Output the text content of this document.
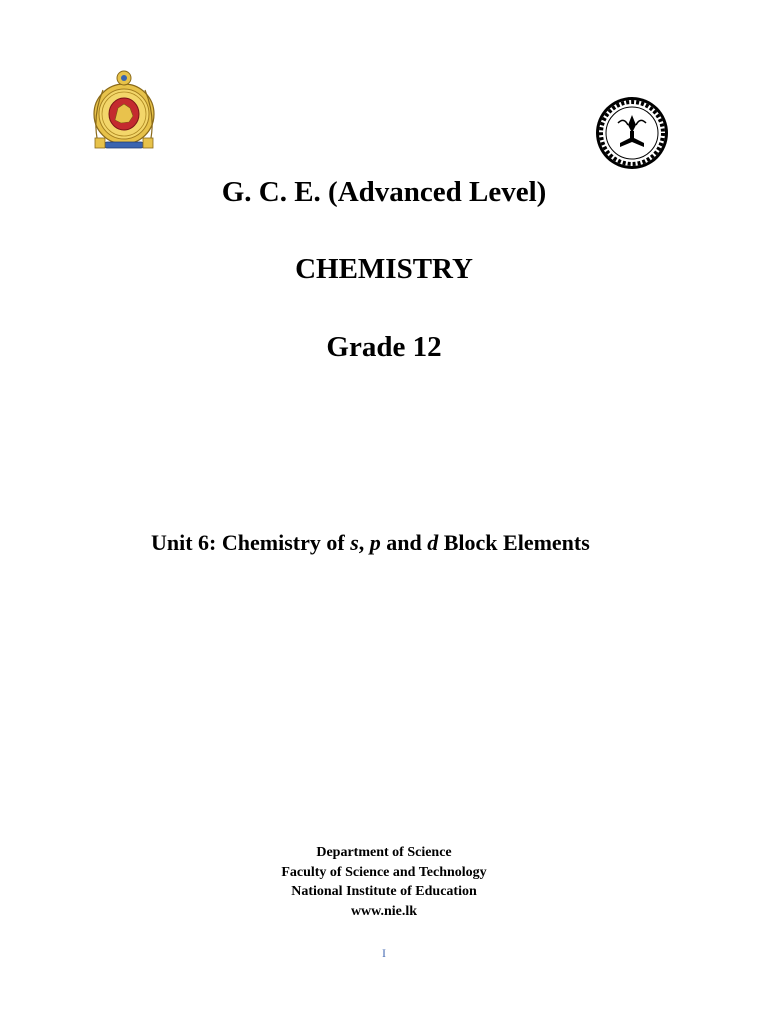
G. C. E. (Advanced Level)
CHEMISTRY
Grade 12
Unit 6: Chemistry of s, p and d Block Elements
Department of Science
Faculty of Science and Technology
National Institute of Education
www.nie.lk
I
